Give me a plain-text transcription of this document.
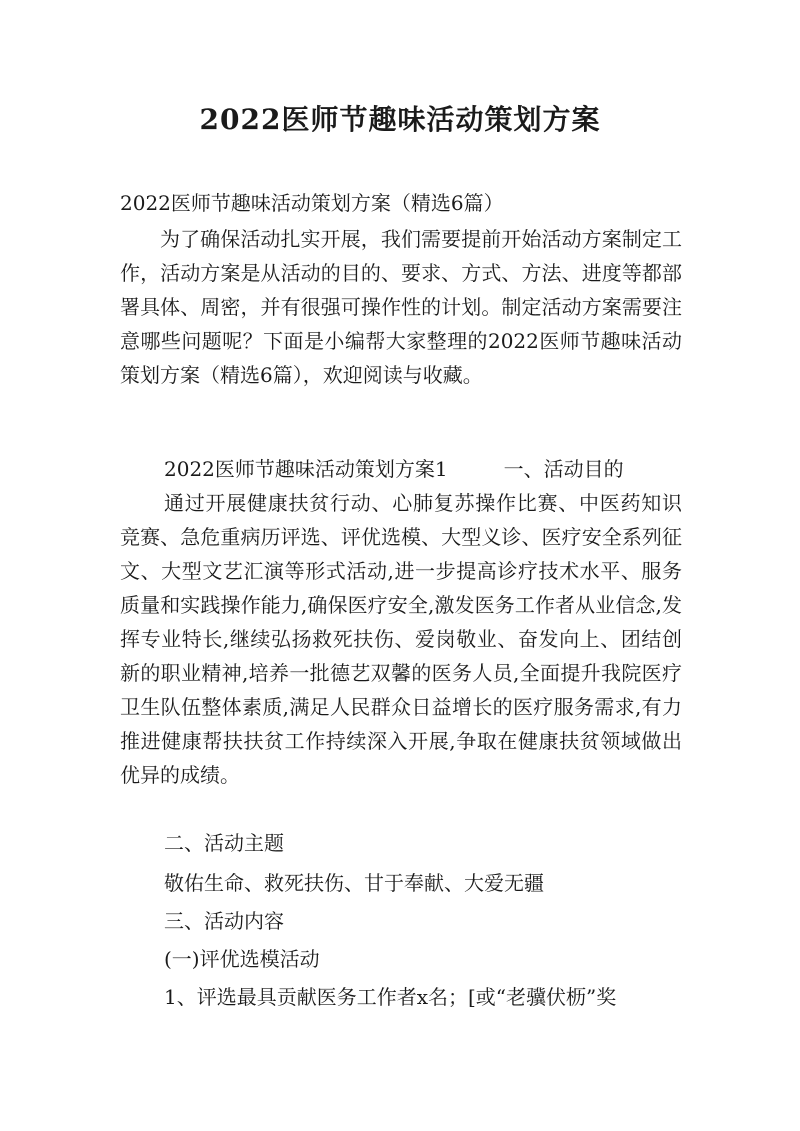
2022医师节趣味活动策划方案

2022医师节趣味活动策划方案（精选6篇）

为了确保活动扎实开展，我们需要提前开始活动方案制定工作，活动方案是从活动的目的、要求、方式、方法、进度等都部署具体、周密，并有很强可操作性的计划。制定活动方案需要注意哪些问题呢？下面是小编帮大家整理的2022医师节趣味活动策划方案（精选6篇），欢迎阅读与收藏。

2022医师节趣味活动策划方案1	一、活动目的

通过开展健康扶贫行动、心肺复苏操作比赛、中医药知识竞赛、急危重病历评选、评优选模、大型义诊、医疗安全系列征文、大型文艺汇演等形式活动,进一步提高诊疗技术水平、服务质量和实践操作能力,确保医疗安全,激发医务工作者从业信念,发挥专业特长,继续弘扬救死扶伤、爱岗敬业、奋发向上、团结创新的职业精神,培养一批德艺双馨的医务人员,全面提升我院医疗卫生队伍整体素质,满足人民群众日益增长的医疗服务需求,有力推进健康帮扶扶贫工作持续深入开展,争取在健康扶贫领域做出优异的成绩。

二、活动主题
敬佑生命、救死扶伤、甘于奉献、大爱无疆
三、活动内容
(一)评优选模活动
1、评选最具贡献医务工作者x名；[或“老骥伏枥”奖
